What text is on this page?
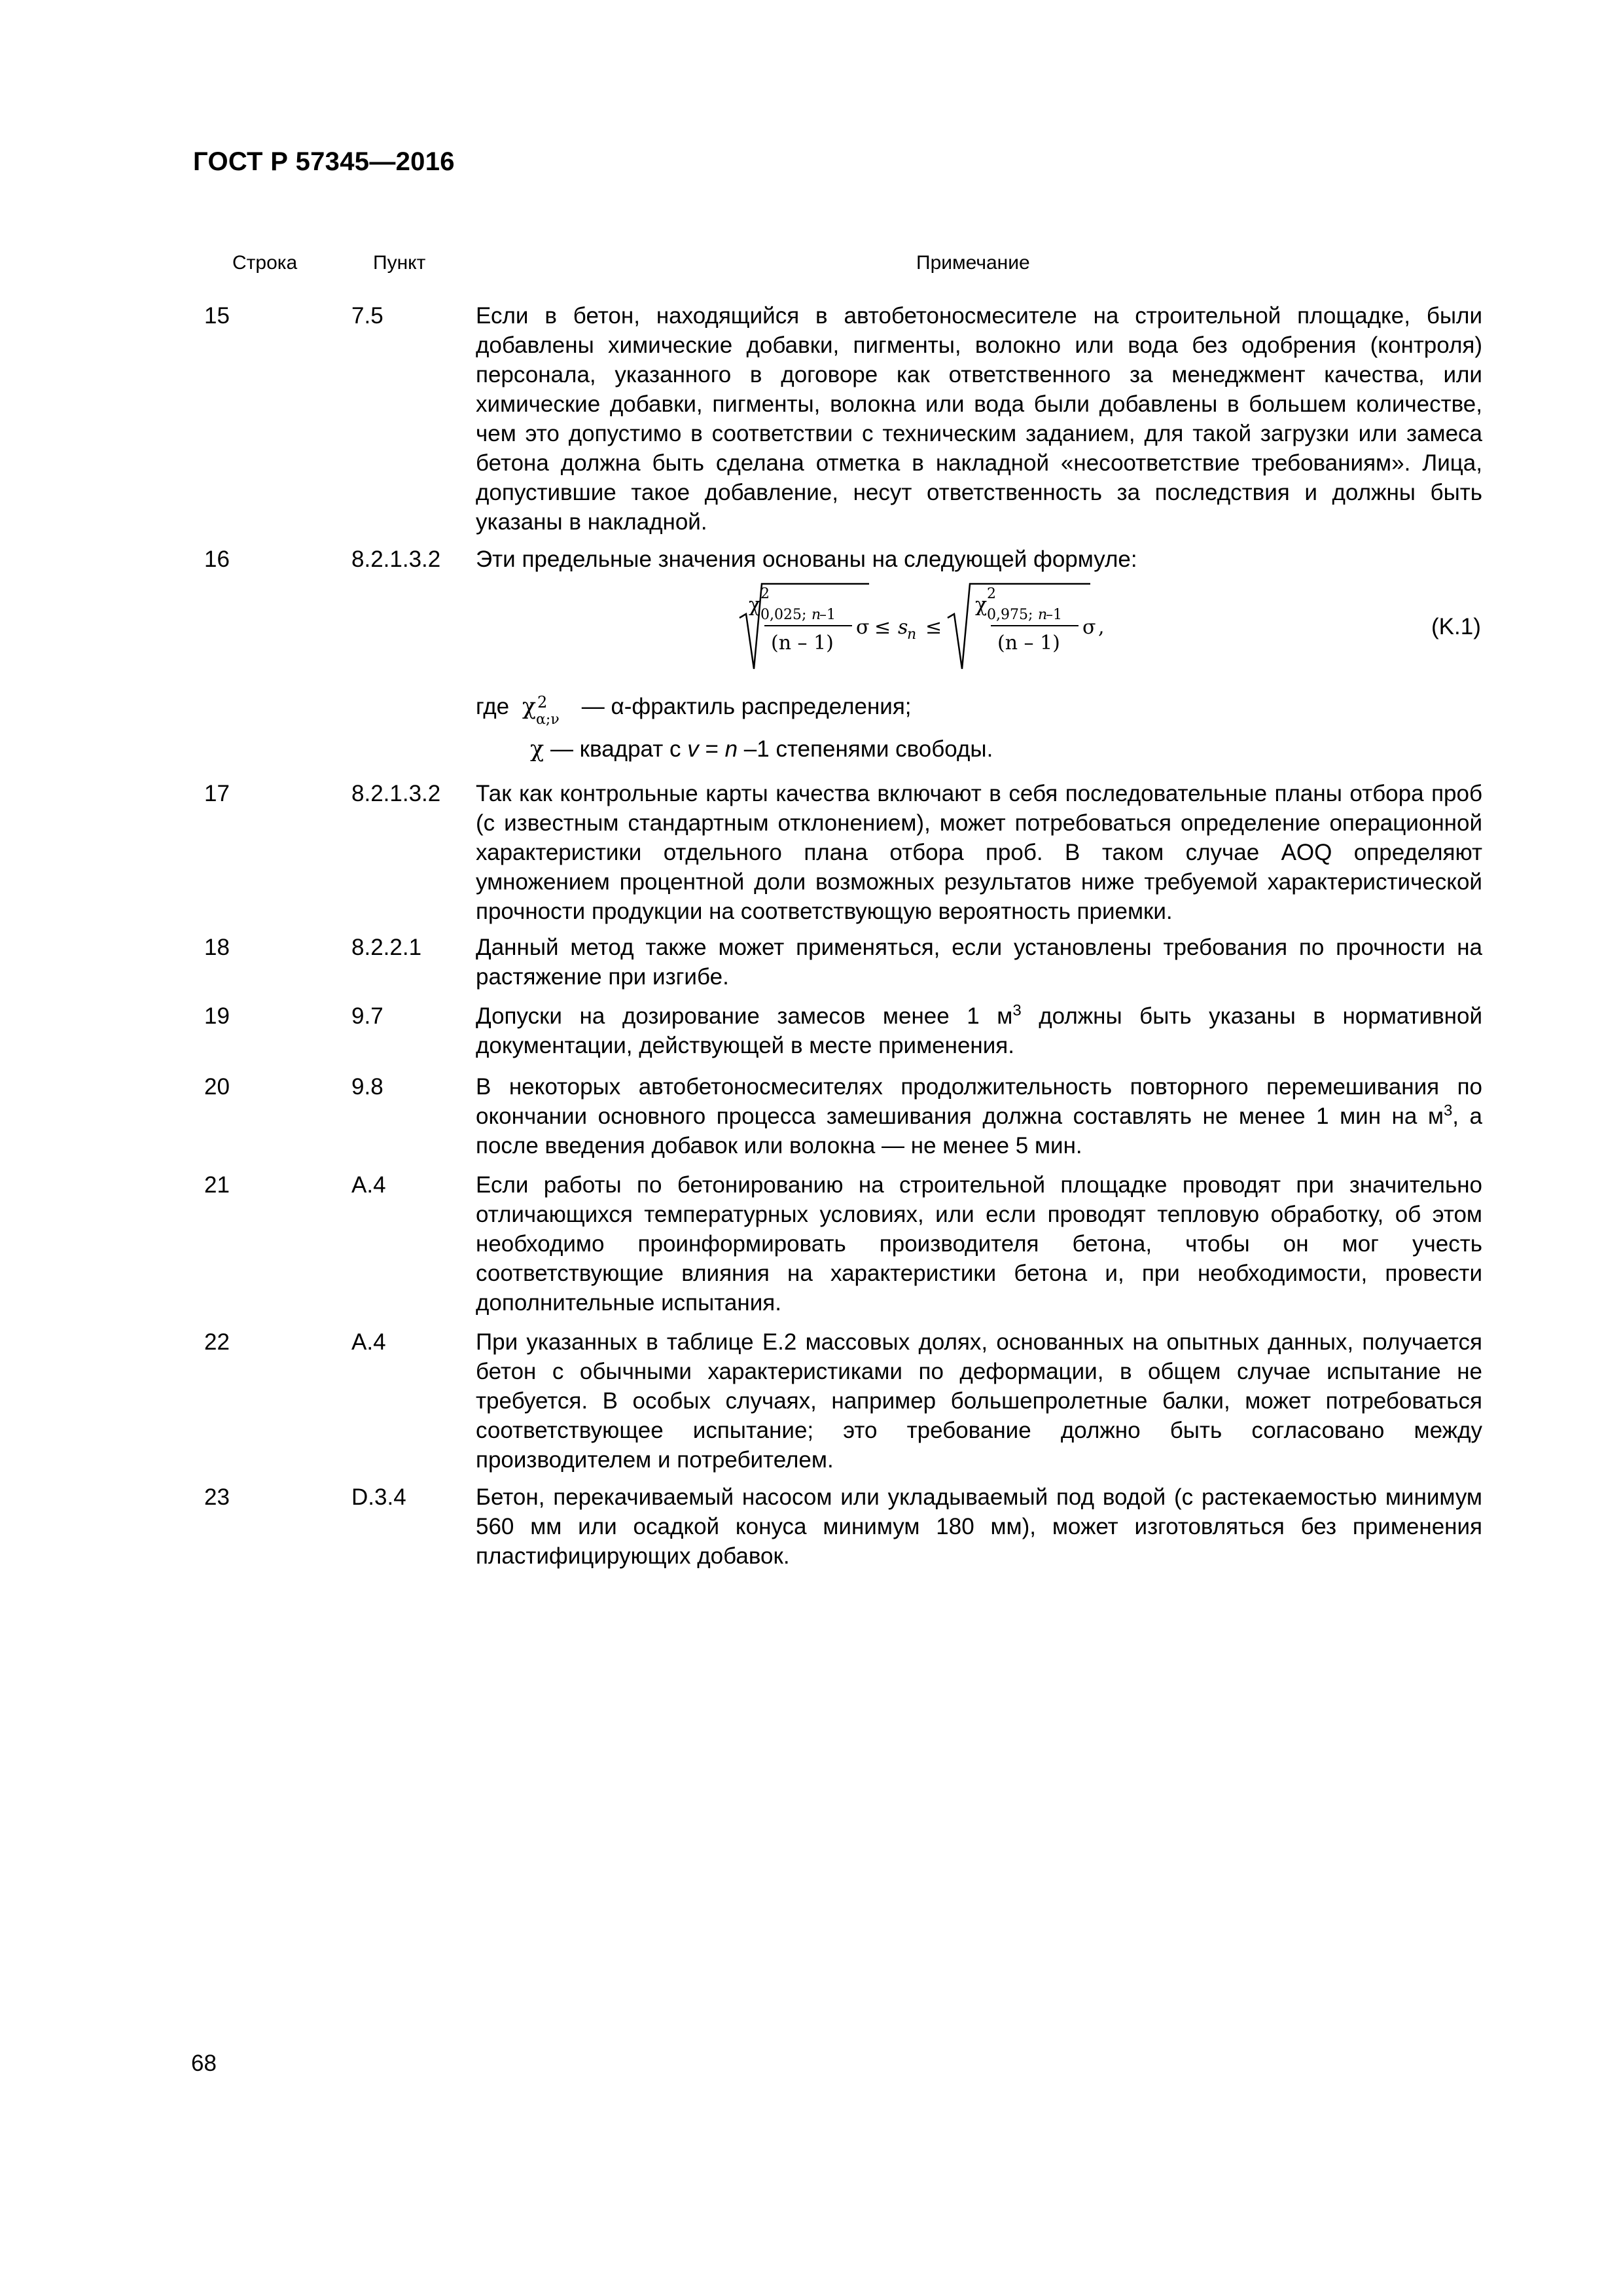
ГОСТ Р 57345—2016
Строка	Пункт	Примечание
15	7.5	Если в бетон, находящийся в автобетоносмесителе на строительной площадке, были добавлены химические добавки, пигменты, волокно или вода без одобрения (контроля) персонала, указанного в договоре как ответственного за менеджмент качества, или химические добавки, пигменты, волокна или вода были добавлены в большем количестве, чем это допустимо в соответствии с техническим заданием, для такой загрузки или замеса бетона должна быть сделана отметка в накладной «несоответствие требованиям». Лица, допустившие такое добавление, несут ответственность за последствия и должны быть указаны в накладной.
16	8.2.1.3.2 Эти предельные значения основаны на следующей формуле:
χ 2
0,025; n
–1
(n – 1)
σ ≤ s
n ≤
χ 2
0,975; n
–1
(n – 1)
σ ,	(K.1)
где χ 2
α;ν
— α-фрактиль распределения;
χ — квадрат с v = n –1 степенями свободы.
17	8.2.1.3.2 Так как контрольные карты качества включают в себя последовательные планы отбора проб (с известным стандартным отклонением), может потребоваться определение операционной характеристики отдельного плана отбора проб. В таком случае AOQ определяют умножением процентной доли возможных результатов ниже требуемой характеристической прочности продукции на соответствующую вероятность приемки.
18	8.2.2.1 Данный метод также может применяться, если установлены требования по прочности на растяжение при изгибе.
19	9.7	Допуски на дозирование замесов менее 1 $м^3$ должны быть указаны в нормативной документации, действующей в месте применения.
20	9.8	В некоторых автобетоносмесителях продолжительность повторного перемешивания по окончании основного процесса замешивания должна составлять не менее 1 мин на $м^3$, а после введения добавок или волокна — не менее 5 мин.
21	A.4	Если работы по бетонированию на строительной площадке проводят при значительно отличающихся температурных условиях, или если проводят тепловую обработку, об этом необходимо проинформировать производителя бетона, чтобы он мог учесть соответствующие влияния на характеристики бетона и, при необходимости, провести дополнительные испытания.
22	A.4	При указанных в таблице Е.2 массовых долях, основанных на опытных данных, получается бетон с обычными характеристиками по деформации, в общем случае испытание не требуется. В особых случаях, например большепролетные балки, может потребоваться соответствующее испытание; это требование должно быть согласовано между производителем и потребителем.
23	D.3.4	Бетон, перекачиваемый насосом или укладываемый под водой (с растекаемостью минимум 560 мм или осадкой конуса минимум 180 мм), может изготовляться без применения пластифицирующих добавок.
68
